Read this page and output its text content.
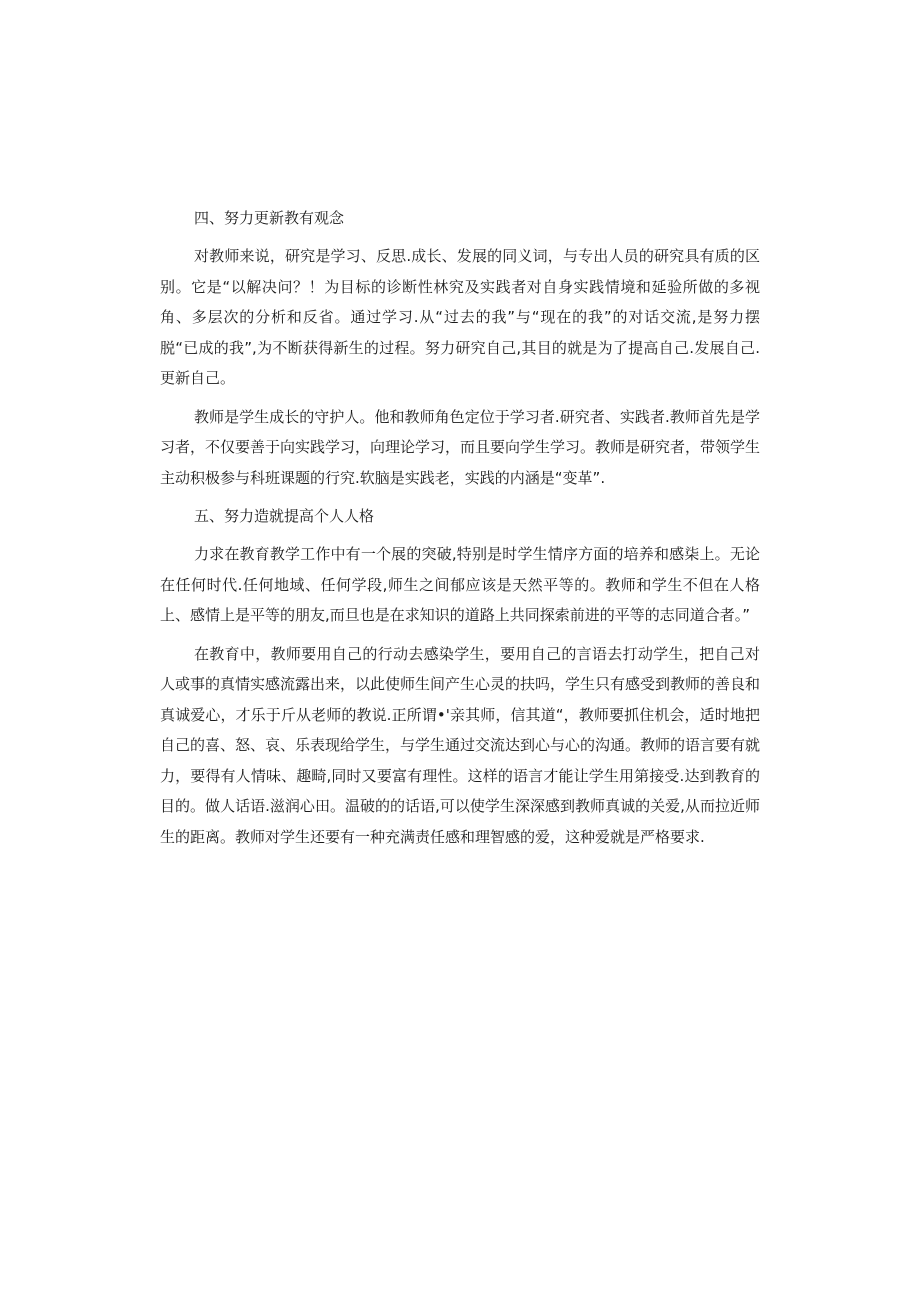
四、努力更新教有观念

对教师来说，研究是学习、反思.成长、发展的同义词，与专出人员的研究具有质的区别。它是“以解决问？！为目标的诊断性林究及实践者对自身实践情境和延验所做的多视角、多层次的分析和反省。通过学习.从“过去的我”与“现在的我”的对话交流,是努力摆脱“已成的我”,为不断获得新生的过程。努力研究自己,其目的就是为了提高自己.发展自己.更新自己。

教师是学生成长的守护人。他和教师角色定位于学习者.研究者、实践者.教师首先是学习者，不仅要善于向实践学习，向理论学习，而且要向学生学习。教师是研究者，带领学生主动积极参与科班课题的行究.软脑是实践老，实践的内涵是“变革”.

五、努力造就提高个人人格

力求在教育教学工作中有一个展的突破,特别是时学生情序方面的培养和感柒上。无论在任何时代.任何地域、任何学段,师生之间郁应该是天然平等的。教师和学生不但在人格上、感情上是平等的朋友,而旦也是在求知识的道路上共同探索前进的平等的志同道合者。”

在教育中，教师要用自己的行动去感染学生，要用自己的言语去打动学生，把自己对人或事的真情实感流露出来，以此使师生间产生心灵的扶吗，学生只有感受到教师的善良和真诚爱心，才乐于斤从老师的教说.正所谓•'亲其师，信其道“，教师要抓住机会，适时地把自己的喜、怒、哀、乐表现给学生，与学生通过交流达到心与心的沟通。教师的语言要有就力，要得有人情味、趣畸,同时又要富有理性。这样的语言才能让学生用第接受.达到教育的目的。做人话语.滋润心田。温破的的话语,可以使学生深深感到教师真诚的关爱,从而拉近师生的距离。教师对学生还要有一种充满责任感和理智感的爱，这种爱就是严格要求.
